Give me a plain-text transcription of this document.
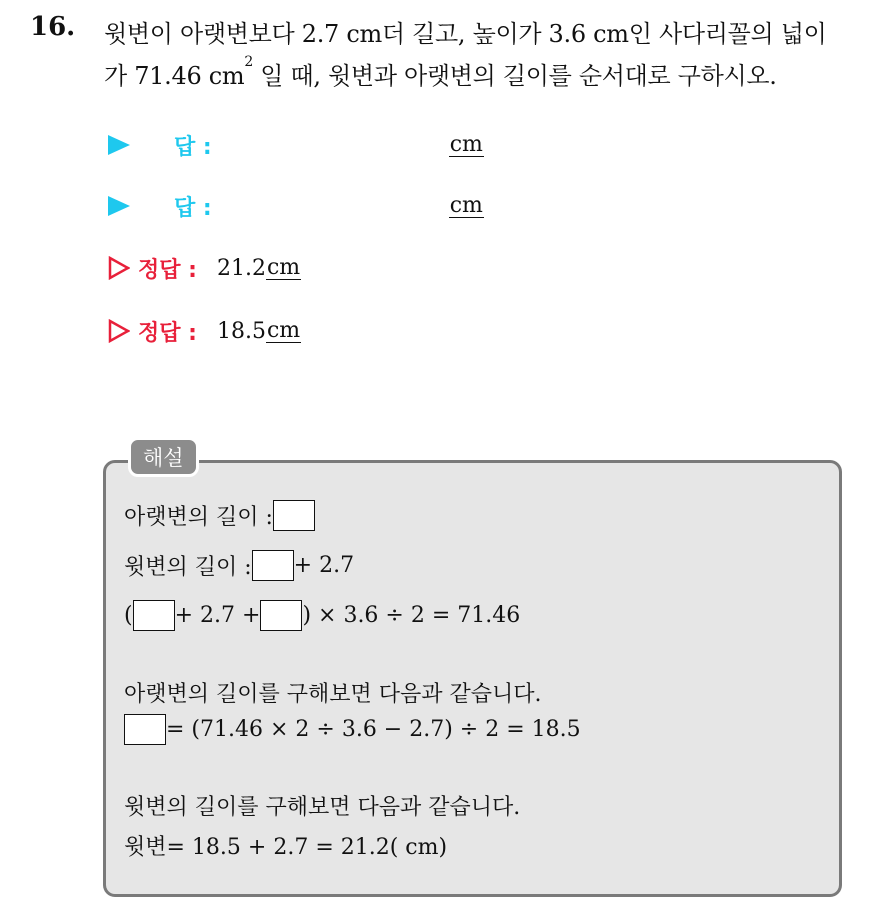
16. 윗변이 아랫변보다 2.7 cm더 길고, 높이가 3.6 cm인 사다리꼴의 넓이
가 71.46 $cm^2$ 일 때, 윗변과 아랫변의 길이를 순서대로 구하시오.
답 :	cm
답 :	cm
정답 : 21.2 cm
정답 : 18.5 cm
해설
아랫변의 길이 :
윗변의 길이 : + 2.7
( + 2.7 + ) × 3.6 ÷ 2 = 71.46
아랫변의 길이를 구해보면 다음과 같습니다.
= (71.46 × 2 ÷ 3.6 − 2.7) ÷ 2 = 18.5
윗변의 길이를 구해보면 다음과 같습니다.
윗변= 18.5 + 2.7 = 21.2( cm)
